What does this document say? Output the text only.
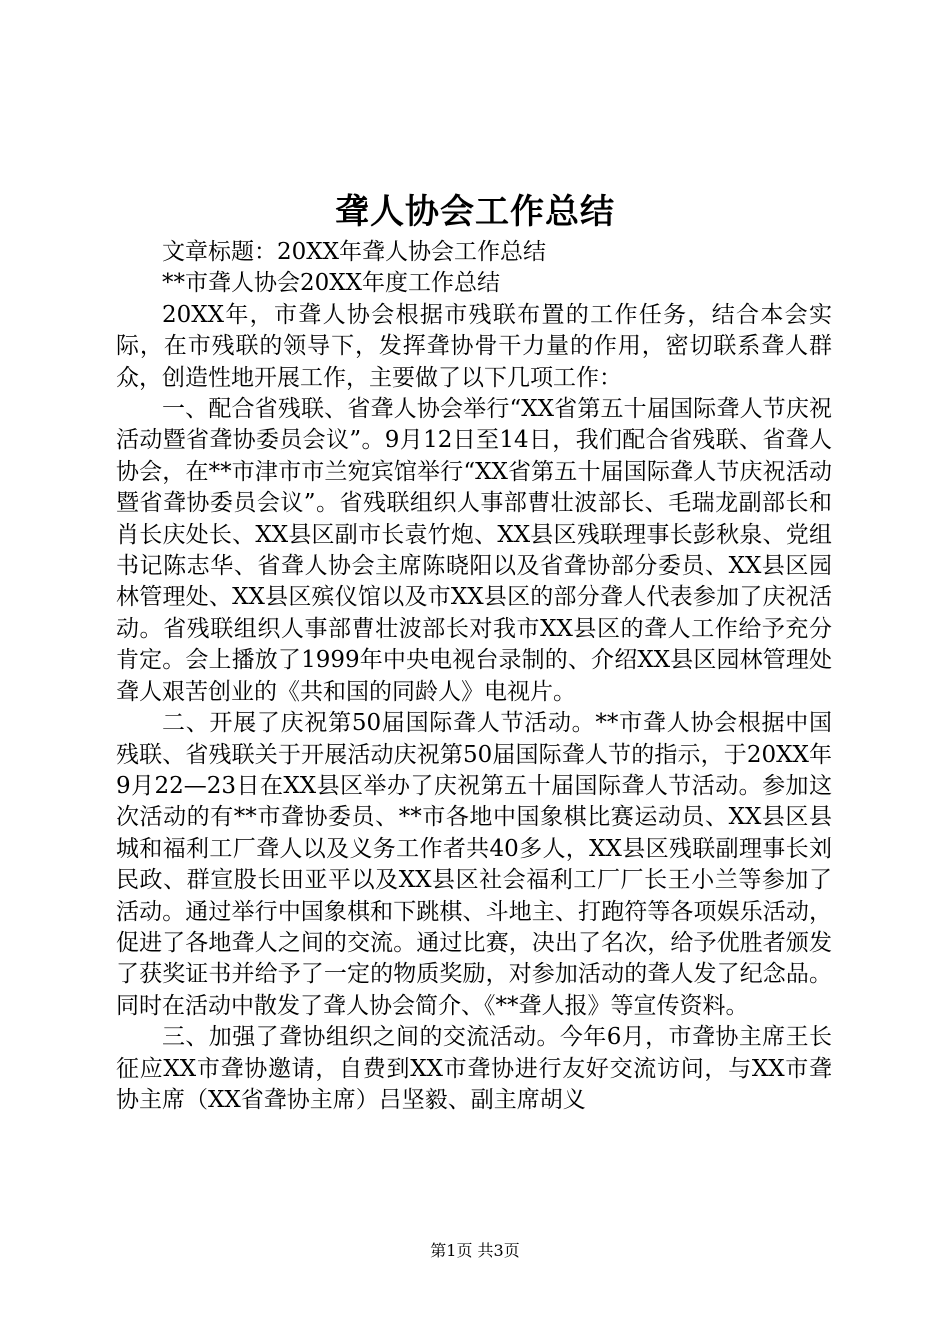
聋人协会工作总结

文章标题：20XX年聋人协会工作总结

**市聋人协会20XX年度工作总结

20XX年，市聋人协会根据市残联布置的工作任务，结合本会实际，在市残联的领导下，发挥聋协骨干力量的作用，密切联系聋人群众，创造性地开展工作，主要做了以下几项工作：

一、配合省残联、省聋人协会举行“XX省第五十届国际聋人节庆祝活动暨省聋协委员会议”。9月12日至14日，我们配合省残联、省聋人协会，在**市津市市兰宛宾馆举行“XX省第五十届国际聋人节庆祝活动暨省聋协委员会议”。省残联组织人事部曹壮波部长、毛瑞龙副部长和肖长庆处长、XX县区副市长袁竹炮、XX县区残联理事长彭秋泉、党组书记陈志华、省聋人协会主席陈晓阳以及省聋协部分委员、XX县区园林管理处、XX县区殡仪馆以及市XX县区的部分聋人代表参加了庆祝活动。省残联组织人事部曹壮波部长对我市XX县区的聋人工作给予充分肯定。会上播放了1999年中央电视台录制的、介绍XX县区园林管理处聋人艰苦创业的《共和国的同龄人》电视片。

二、开展了庆祝第50届国际聋人节活动。**市聋人协会根据中国残联、省残联关于开展活动庆祝第50届国际聋人节的指示，于20XX年9月22—23日在XX县区举办了庆祝第五十届国际聋人节活动。参加这次活动的有**市聋协委员、**市各地中国象棋比赛运动员、XX县区县城和福利工厂聋人以及义务工作者共40多人，XX县区残联副理事长刘民政、群宣股长田亚平以及XX县区社会福利工厂厂长王小兰等参加了活动。通过举行中国象棋和下跳棋、斗地主、打跑符等各项娱乐活动，促进了各地聋人之间的交流。通过比赛，决出了名次，给予优胜者颁发了获奖证书并给予了一定的物质奖励，对参加活动的聋人发了纪念品。同时在活动中散发了聋人协会简介、《**聋人报》等宣传资料。

三、加强了聋协组织之间的交流活动。今年6月，市聋协主席王长征应XX市聋协邀请，自费到XX市聋协进行友好交流访问，与XX市聋协主席（XX省聋协主席）吕坚毅、副主席胡义

第1页 共3页
